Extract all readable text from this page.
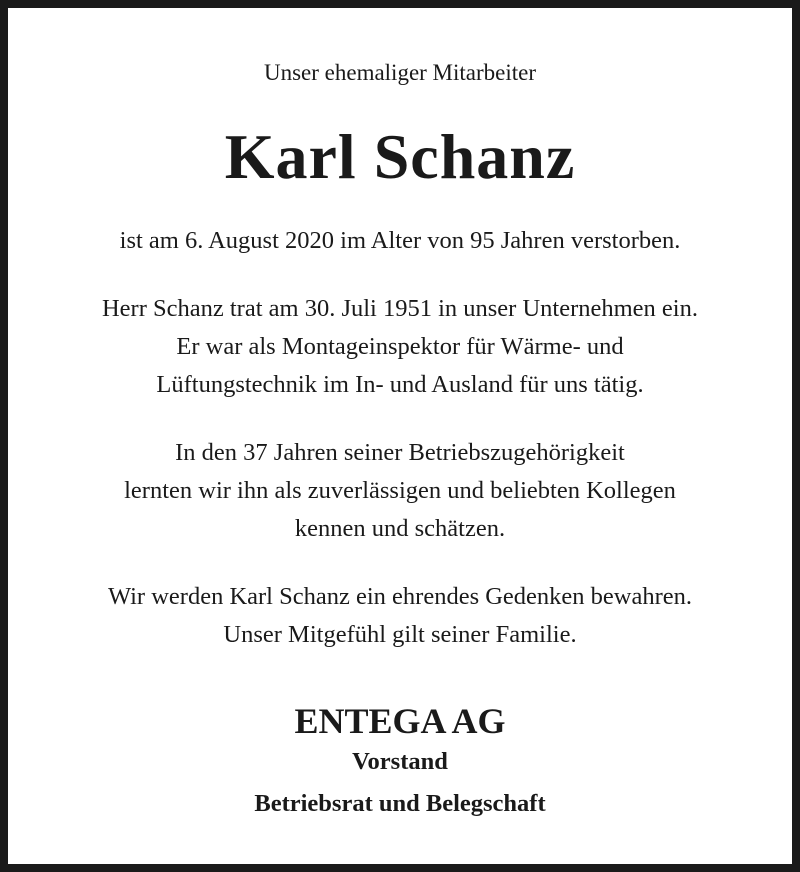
Unser ehemaliger Mitarbeiter

Karl Schanz

ist am 6. August 2020 im Alter von 95 Jahren verstorben.

Herr Schanz trat am 30. Juli 1951 in unser Unternehmen ein.

Er war als Montageinspektor für Wärme- und

Lüftungstechnik im In- und Ausland für uns tätig.

In den 37 Jahren seiner Betriebszugehörigkeit

lernten wir ihn als zuverlässigen und beliebten Kollegen

kennen und schätzen.

Wir werden Karl Schanz ein ehrendes Gedenken bewahren.

Unser Mitgefühl gilt seiner Familie.

ENTEGA AG

Vorstand

Betriebsrat und Belegschaft
